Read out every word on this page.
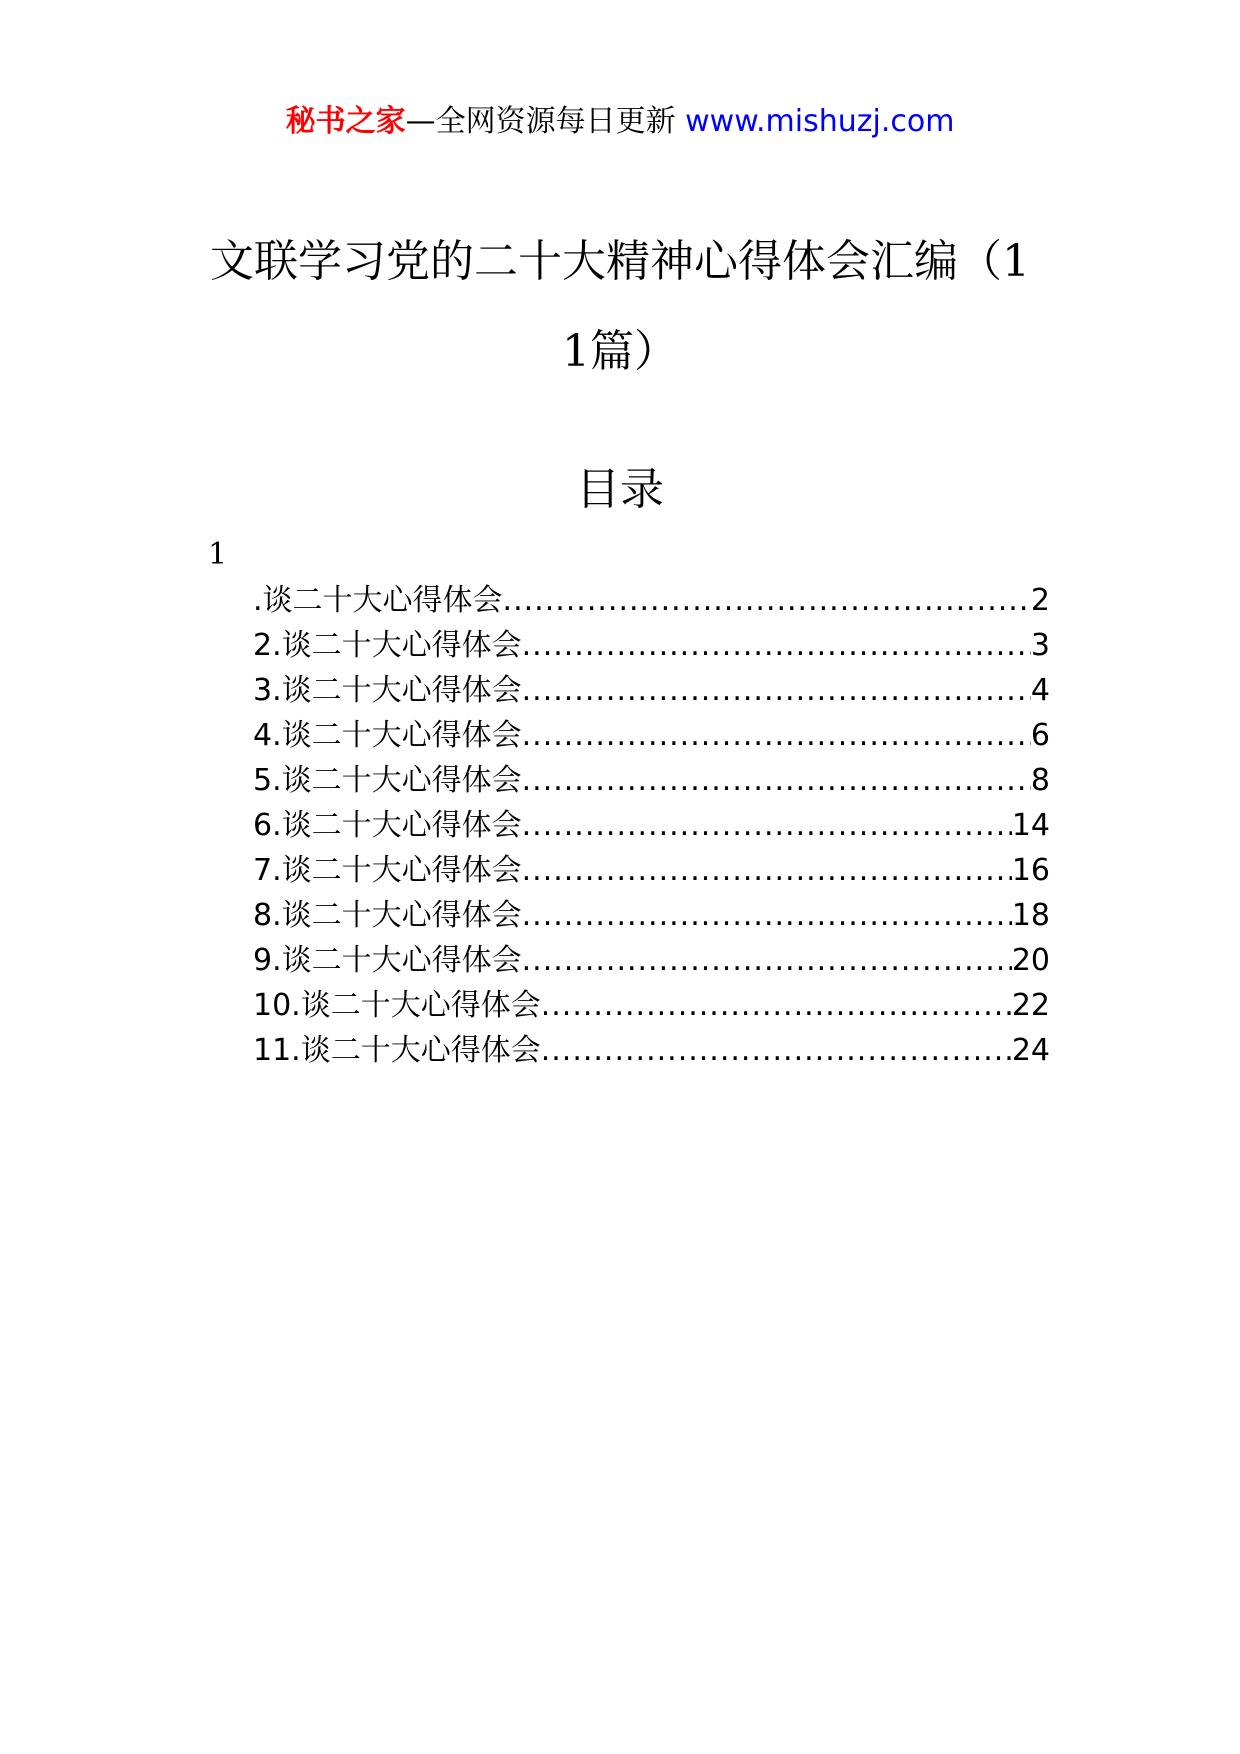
秘书之家—全网资源每日更新 www.mishuzj.com
文联学习党的二十大精神心得体会汇编（1
1篇）
目录
1
.谈二十大心得体会 .....	2
2.谈二十大心得体会 .....	3
3.谈二十大心得体会 .....	4
4.谈二十大心得体会 .....	6
5.谈二十大心得体会 .....	8
6.谈二十大心得体会 .....	14
7.谈二十大心得体会 .....	16
8.谈二十大心得体会 .....	18
9.谈二十大心得体会 .....	20
10.谈二十大心得体会 .....	22
11.谈二十大心得体会 .....	24
